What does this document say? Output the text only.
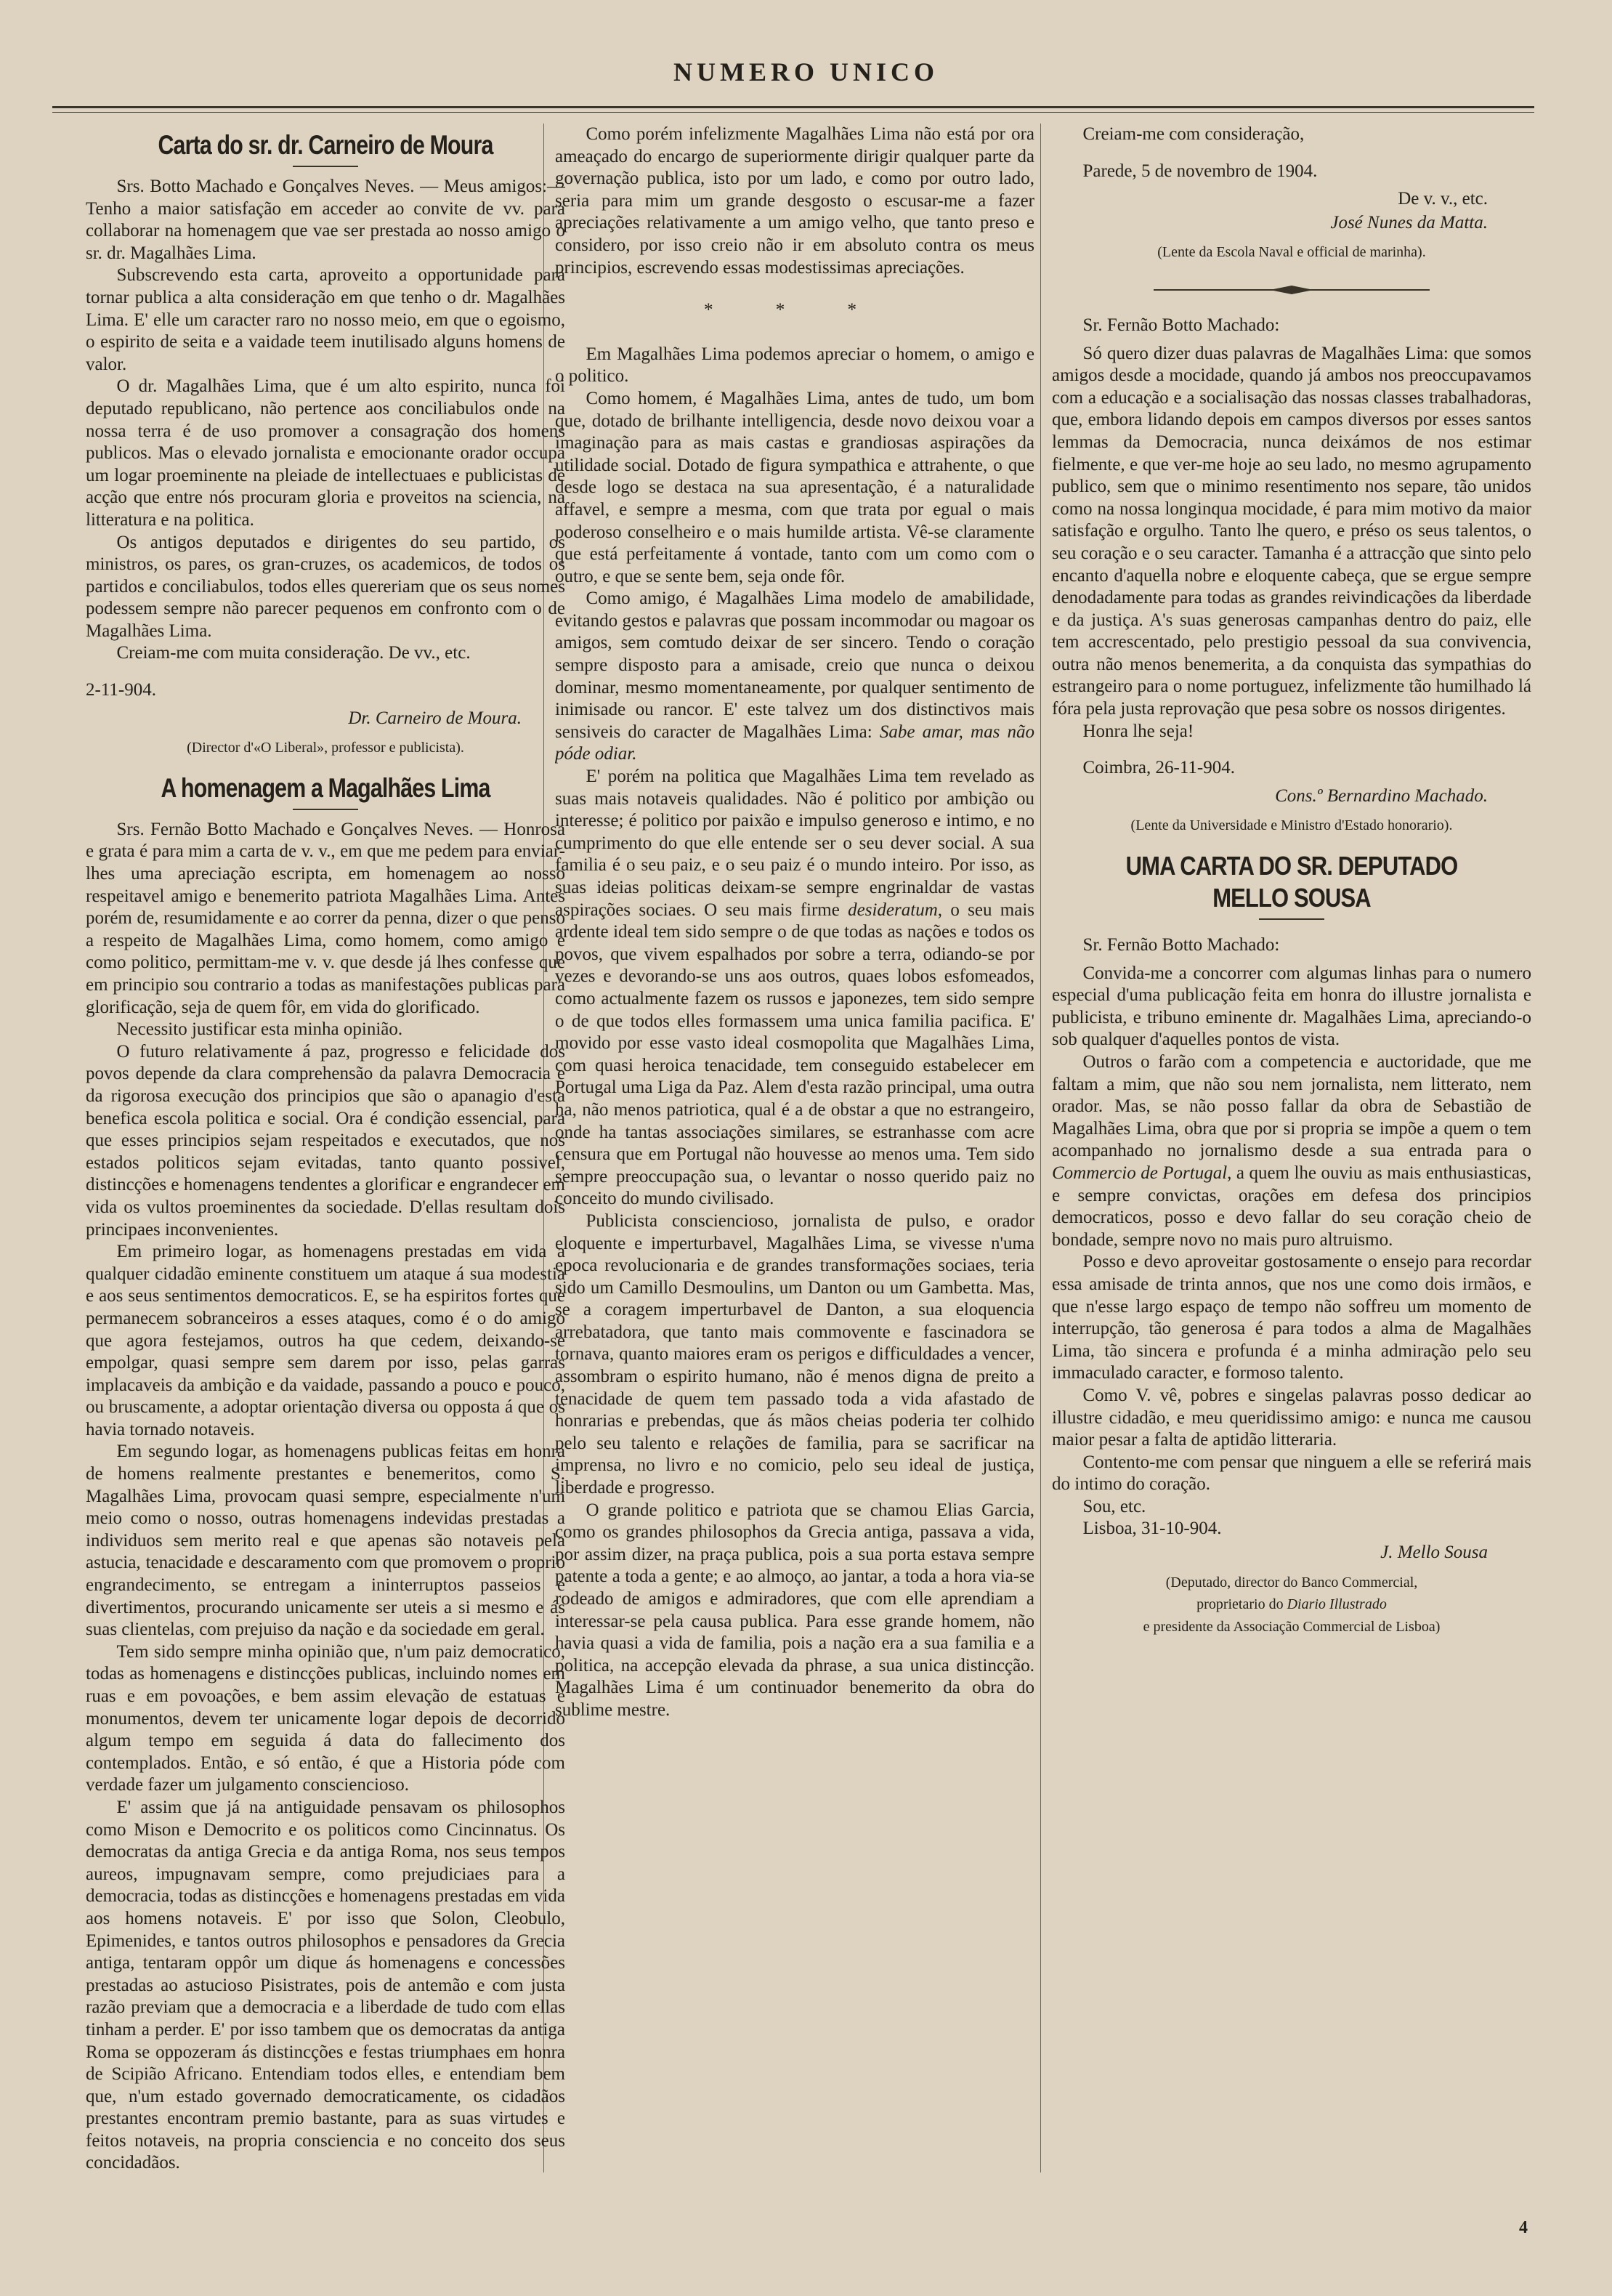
NUMERO UNICO
Carta do sr. dr. Carneiro de Moura

Srs. Botto Machado e Gonçalves Neves. — Meus amigos:—Tenho a maior satisfação em acceder ao convite de vv. para collaborar na homenagem que vae ser prestada ao nosso amigo o sr. dr. Magalhães Lima.

Subscrevendo esta carta, aproveito a opportunidade para tornar publica a alta consideração em que tenho o dr. Magalhães Lima. E' elle um caracter raro no nosso meio, em que o egoismo, o espirito de seita e a vaidade teem inutilisado alguns homens de valor.

O dr. Magalhães Lima, que é um alto espirito, nunca foi deputado republicano, não pertence aos conciliabulos onde na nossa terra é de uso promover a consagração dos homens publicos. Mas o elevado jornalista e emocionante orador occupa um logar proeminente na pleiade de intellectuaes e publicistas de acção que entre nós procuram gloria e proveitos na sciencia, na litteratura e na politica.

Os antigos deputados e dirigentes do seu partido, os ministros, os pares, os gran-cruzes, os academicos, de todos os partidos e conciliabulos, todos elles quereriam que os seus nomes podessem sempre não parecer pequenos em confronto com o de Magalhães Lima.

Creiam-me com muita consideração. De vv., etc.

2-11-904.

Dr. Carneiro de Moura.
(Director d'«O Liberal», professor e publicista).
A homenagem a Magalhães Lima

Srs. Fernão Botto Machado e Gonçalves Neves. — Honrosa e grata é para mim a carta de v. v., em que me pedem para enviar-lhes uma apreciação escripta, em homenagem ao nosso respeitavel amigo e benemerito patriota Magalhães Lima. Antes porém de, resumidamente e ao correr da penna, dizer o que penso a respeito de Magalhães Lima, como homem, como amigo e como politico, permittam-me v. v. que desde já lhes confesse que em principio sou contrario a todas as manifestações publicas para glorificação, seja de quem fôr, em vida do glorificado.

Necessito justificar esta minha opinião.

O futuro relativamente á paz, progresso e felicidade dos povos depende da clara comprehensão da palavra Democracia e da rigorosa execução dos principios que são o apanagio d'esta benefica escola politica e social. Ora é condição essencial, para que esses principios sejam respeitados e executados, que nos estados politicos sejam evitadas, tanto quanto possivel, distincções e homenagens tendentes a glorificar e engrandecer em vida os vultos proeminentes da sociedade. D'ellas resultam dois principaes inconvenientes.

Em primeiro logar, as homenagens prestadas em vida a qualquer cidadão eminente constituem um ataque á sua modestia e aos seus sentimentos democraticos. E, se ha espiritos fortes que permanecem sobranceiros a esses ataques, como é o do amigo que agora festejamos, outros ha que cedem, deixando-se empolgar, quasi sempre sem darem por isso, pelas garras implacaveis da ambição e da vaidade, passando a pouco e pouco, ou bruscamente, a adoptar orientação diversa ou opposta á que os havia tornado notaveis.

Em segundo logar, as homenagens publicas feitas em honra de homens realmente prestantes e benemeritos, como S. Magalhães Lima, provocam quasi sempre, especialmente n'um meio como o nosso, outras homenagens indevidas prestadas a individuos sem merito real e que apenas são notaveis pela astucia, tenacidade e descaramento com que promovem o proprio engrandecimento, se entregam a ininterruptos passeios e divertimentos, procurando unicamente ser uteis a si mesmo e ás suas clientelas, com prejuiso da nação e da sociedade em geral.

Tem sido sempre minha opinião que, n'um paiz democratico, todas as homenagens e distincções publicas, incluindo nomes em ruas e em povoações, e bem assim elevação de estatuas e monumentos, devem ter unicamente logar depois de decorrido algum tempo em seguida á data do fallecimento dos contemplados. Então, e só então, é que a Historia póde com verdade fazer um julgamento consciencioso.

E' assim que já na antiguidade pensavam os philosophos como Mison e Democrito e os politicos como Cincinnatus. Os democratas da antiga Grecia e da antiga Roma, nos seus tempos aureos, impugnavam sempre, como prejudiciaes para a democracia, todas as distincções e homenagens prestadas em vida aos homens notaveis. E' por isso que Solon, Cleobulo, Epimenides, e tantos outros philosophos e pensadores da Grecia antiga, tentaram oppôr um dique ás homenagens e concessões prestadas ao astucioso Pisistrates, pois de antemão e com justa razão previam que a democracia e a liberdade de tudo com ellas tinham a perder. E' por isso tambem que os democratas da antiga Roma se oppozeram ás distincções e festas triumphaes em honra de Scipião Africano. Entendiam todos elles, e entendiam bem que, n'um estado governado democraticamente, os cidadãos prestantes encontram premio bastante, para as suas virtudes e feitos notaveis, na propria consciencia e no conceito dos seus concidadãos.

Como porém infelizmente Magalhães Lima não está por ora ameaçado do encargo de superiormente dirigir qualquer parte da governação publica, isto por um lado, e como por outro lado, seria para mim um grande desgosto o escusar-me a fazer apreciações relativamente a um amigo velho, que tanto preso e considero, por isso creio não ir em absoluto contra os meus principios, escrevendo essas modestissimas apreciações.

* * *

Em Magalhães Lima podemos apreciar o homem, o amigo e o politico.

Como homem, é Magalhães Lima, antes de tudo, um bom que, dotado de brilhante intelligencia, desde novo deixou voar a imaginação para as mais castas e grandiosas aspirações da utilidade social. Dotado de figura sympathica e attrahente, o que desde logo se destaca na sua apresentação, é a naturalidade affavel, e sempre a mesma, com que trata por egual o mais poderoso conselheiro e o mais humilde artista. Vê-se claramente que está perfeitamente á vontade, tanto com um como com o outro, e que se sente bem, seja onde fôr.

Como amigo, é Magalhães Lima modelo de amabilidade, evitando gestos e palavras que possam incommodar ou magoar os amigos, sem comtudo deixar de ser sincero. Tendo o coração sempre disposto para a amisade, creio que nunca o deixou dominar, mesmo momentaneamente, por qualquer sentimento de inimisade ou rancor. E' este talvez um dos distinctivos mais sensiveis do caracter de Magalhães Lima: Sabe amar, mas não póde odiar.

E' porém na politica que Magalhães Lima tem revelado as suas mais notaveis qualidades. Não é politico por ambição ou interesse; é politico por paixão e impulso generoso e intimo, e no cumprimento do que elle entende ser o seu dever social. A sua familia é o seu paiz, e o seu paiz é o mundo inteiro. Por isso, as suas ideias politicas deixam-se sempre engrinaldar de vastas aspirações sociaes. O seu mais firme desideratum, o seu mais ardente ideal tem sido sempre o de que todas as nações e todos os povos, que vivem espalhados por sobre a terra, odiando-se por vezes e devorando-se uns aos outros, quaes lobos esfomeados, como actualmente fazem os russos e japonezes, tem sido sempre o de que todos elles formassem uma unica familia pacifica. E' movido por esse vasto ideal cosmopolita que Magalhães Lima, com quasi heroica tenacidade, tem conseguido estabelecer em Portugal uma Liga da Paz. Alem d'esta razão principal, uma outra ha, não menos patriotica, qual é a de obstar a que no estrangeiro, onde ha tantas associações similares, se estranhasse com acre censura que em Portugal não houvesse ao menos uma. Tem sido sempre preoccupação sua, o levantar o nosso querido paiz no conceito do mundo civilisado.

Publicista consciencioso, jornalista de pulso, e orador eloquente e imperturbavel, Magalhães Lima, se vivesse n'uma epoca revolucionaria e de grandes transformações sociaes, teria sido um Camillo Desmoulins, um Danton ou um Gambetta. Mas, se a coragem imperturbavel de Danton, a sua eloquencia arrebatadora, que tanto mais commovente e fascinadora se tornava, quanto maiores eram os perigos e difficuldades a vencer, assombram o espirito humano, não é menos digna de preito a tenacidade de quem tem passado toda a vida afastado de honrarias e prebendas, que ás mãos cheias poderia ter colhido pelo seu talento e relações de familia, para se sacrificar na imprensa, no livro e no comicio, pelo seu ideal de justiça, liberdade e progresso.

O grande politico e patriota que se chamou Elias Garcia, como os grandes philosophos da Grecia antiga, passava a vida, por assim dizer, na praça publica, pois a sua porta estava sempre patente a toda a gente; e ao almoço, ao jantar, a toda a hora via-se rodeado de amigos e admiradores, que com elle aprendiam a interessar-se pela causa publica. Para esse grande homem, não havia quasi a vida de familia, pois a nação era a sua familia e a politica, na accepção elevada da phrase, a sua unica distincção. Magalhães Lima é um continuador benemerito da obra do sublime mestre.

Creiam-me com consideração,

Parede, 5 de novembro de 1904.

De v. v., etc.
José Nunes da Matta.
(Lente da Escola Naval e official de marinha).

Sr. Fernão Botto Machado:

Só quero dizer duas palavras de Magalhães Lima: que somos amigos desde a mocidade, quando já ambos nos preoccupavamos com a educação e a socialisação das nossas classes trabalhadoras, que, embora lidando depois em campos diversos por esses santos lemmas da Democracia, nunca deixámos de nos estimar fielmente, e que ver-me hoje ao seu lado, no mesmo agrupamento publico, sem que o minimo resentimento nos separe, tão unidos como na nossa longinqua mocidade, é para mim motivo da maior satisfação e orgulho. Tanto lhe quero, e préso os seus talentos, o seu coração e o seu caracter. Tamanha é a attracção que sinto pelo encanto d'aquella nobre e eloquente cabeça, que se ergue sempre denodadamente para todas as grandes reivindicações da liberdade e da justiça. A's suas generosas campanhas dentro do paiz, elle tem accrescentado, pelo prestigio pessoal da sua convivencia, outra não menos benemerita, a da conquista das sympathias do estrangeiro para o nome portuguez, infelizmente tão humilhado lá fóra pela justa reprovação que pesa sobre os nossos dirigentes.

Honra lhe seja!

Coimbra, 26-11-904.

Cons.º Bernardino Machado.
(Lente da Universidade e Ministro d'Estado honorario).
UMA CARTA DO SR. DEPUTADO MELLO SOUSA

Sr. Fernão Botto Machado:

Convida-me a concorrer com algumas linhas para o numero especial d'uma publicação feita em honra do illustre jornalista e publicista, e tribuno eminente dr. Magalhães Lima, apreciando-o sob qualquer d'aquelles pontos de vista.

Outros o farão com a competencia e auctoridade, que me faltam a mim, que não sou nem jornalista, nem litterato, nem orador. Mas, se não posso fallar da obra de Sebastião de Magalhães Lima, obra que por si propria se impõe a quem o tem acompanhado no jornalismo desde a sua entrada para o Commercio de Portugal, a quem lhe ouviu as mais enthusiasticas, e sempre convictas, orações em defesa dos principios democraticos, posso e devo fallar do seu coração cheio de bondade, sempre novo no mais puro altruismo.

Posso e devo aproveitar gostosamente o ensejo para recordar essa amisade de trinta annos, que nos une como dois irmãos, e que n'esse largo espaço de tempo não soffreu um momento de interrupção, tão generosa é para todos a alma de Magalhães Lima, tão sincera e profunda é a minha admiração pelo seu immaculado caracter, e formoso talento.

Como V. vê, pobres e singelas palavras posso dedicar ao illustre cidadão, e meu queridissimo amigo: e nunca me causou maior pesar a falta de aptidão litteraria.

Contento-me com pensar que ninguem a elle se referirá mais do intimo do coração.

Sou, etc.

Lisboa, 31-10-904.

J. Mello Sousa
(Deputado, director do Banco Commercial,
proprietario do Diario Illustrado
e presidente da Associação Commercial de Lisboa)
4
